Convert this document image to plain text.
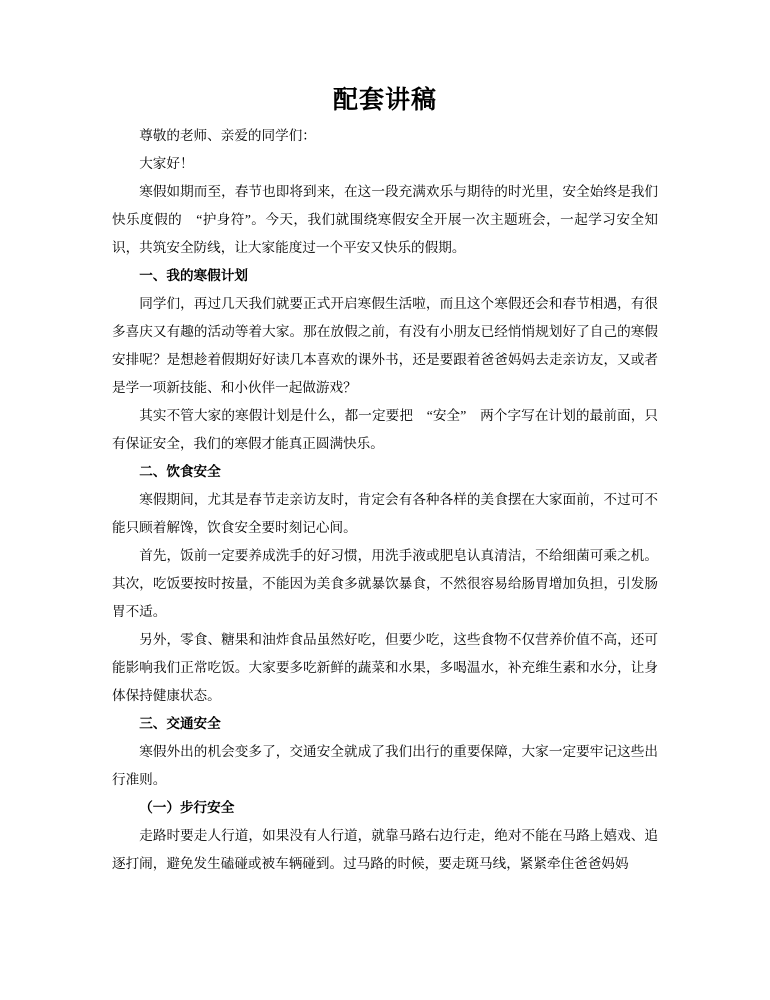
配套讲稿

尊敬的老师、亲爱的同学们：

大家好！

寒假如期而至，春节也即将到来，在这一段充满欢乐与期待的时光里，安全始终是我们快乐度假的　“护身符”。今天，我们就围绕寒假安全开展一次主题班会，一起学习安全知识，共筑安全防线，让大家能度过一个平安又快乐的假期。

一、我的寒假计划

同学们，再过几天我们就要正式开启寒假生活啦，而且这个寒假还会和春节相遇，有很多喜庆又有趣的活动等着大家。那在放假之前，有没有小朋友已经悄悄规划好了自己的寒假安排呢？是想趁着假期好好读几本喜欢的课外书，还是要跟着爸爸妈妈去走亲访友，又或者是学一项新技能、和小伙伴一起做游戏？

其实不管大家的寒假计划是什么，都一定要把　“安全”　两个字写在计划的最前面，只有保证安全，我们的寒假才能真正圆满快乐。

二、饮食安全

寒假期间，尤其是春节走亲访友时，肯定会有各种各样的美食摆在大家面前，不过可不能只顾着解馋，饮食安全要时刻记心间。

首先，饭前一定要养成洗手的好习惯，用洗手液或肥皂认真清洁，不给细菌可乘之机。其次，吃饭要按时按量，不能因为美食多就暴饮暴食，不然很容易给肠胃增加负担，引发肠胃不适。

另外，零食、糖果和油炸食品虽然好吃，但要少吃，这些食物不仅营养价值不高，还可能影响我们正常吃饭。大家要多吃新鲜的蔬菜和水果，多喝温水，补充维生素和水分，让身体保持健康状态。

三、交通安全

寒假外出的机会变多了，交通安全就成了我们出行的重要保障，大家一定要牢记这些出行准则。

（一）步行安全

走路时要走人行道，如果没有人行道，就靠马路右边行走，绝对不能在马路上嬉戏、追逐打闹，避免发生磕碰或被车辆碰到。过马路的时候，要走斑马线，紧紧牵住爸爸妈妈
